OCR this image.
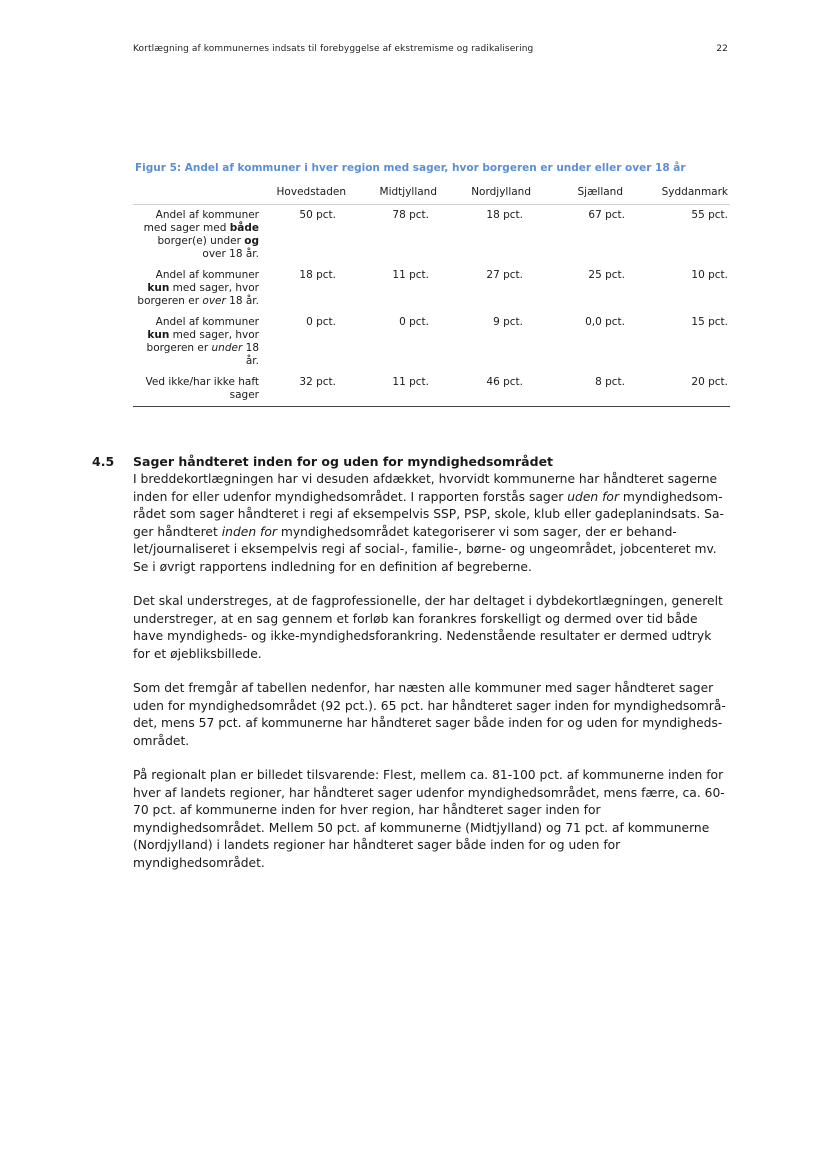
Kortlægning af kommunernes indsats til forebyggelse af ekstremisme og radikalisering	22
Figur 5: Andel af kommuner i hver region med sager, hvor borgeren er under eller over 18 år
	Hovedstaden	Midtjylland	Nordjylland	Sjælland	Syddanmark
Andel af kommuner med sager med både borger(e) under og over 18 år.	50 pct.	78 pct.	18 pct.	67 pct.	55 pct.
Andel af kommuner kun med sager, hvor borgeren er over 18 år.	18 pct.	11 pct.	27 pct.	25 pct.	10 pct.
Andel af kommuner kun med sager, hvor borgeren er under 18 år.	0 pct.	0 pct.	9 pct.	0,0 pct.	15 pct.
Ved ikke/har ikke haft sager	32 pct.	11 pct.	46 pct.	8 pct.	20 pct.
4.5 Sager håndteret inden for og uden for myndighedsområdet

I breddekortlægningen har vi desuden afdækket, hvorvidt kommunerne har håndteret sagerne inden for eller udenfor myndighedsområdet. I rapporten forstås sager uden for myndighedsom-rådet som sager håndteret i regi af eksempelvis SSP, PSP, skole, klub eller gadeplanindsats. Sa-ger håndteret inden for myndighedsområdet kategoriserer vi som sager, der er behand-let/journaliseret i eksempelvis regi af social-, familie-, børne- og ungeområdet, jobcenteret mv. Se i øvrigt rapportens indledning for en definition af begreberne.

Det skal understreges, at de fagprofessionelle, der har deltaget i dybdekortlægningen, generelt understreger, at en sag gennem et forløb kan forankres forskelligt og dermed over tid både have myndigheds- og ikke-myndighedsforankring. Nedenstående resultater er dermed udtryk for et øjebliksbillede.

Som det fremgår af tabellen nedenfor, har næsten alle kommuner med sager håndteret sager uden for myndighedsområdet (92 pct.). 65 pct. har håndteret sager inden for myndighedsområ-det, mens 57 pct. af kommunerne har håndteret sager både inden for og uden for myndigheds-området.

På regionalt plan er billedet tilsvarende: Flest, mellem ca. 81-100 pct. af kommunerne inden for hver af landets regioner, har håndteret sager udenfor myndighedsområdet, mens færre, ca. 60-70 pct. af kommunerne inden for hver region, har håndteret sager inden for myndighedsområdet. Mellem 50 pct. af kommunerne (Midtjylland) og 71 pct. af kommunerne (Nordjylland) i landets regioner har håndteret sager både inden for og uden for myndighedsområdet.
